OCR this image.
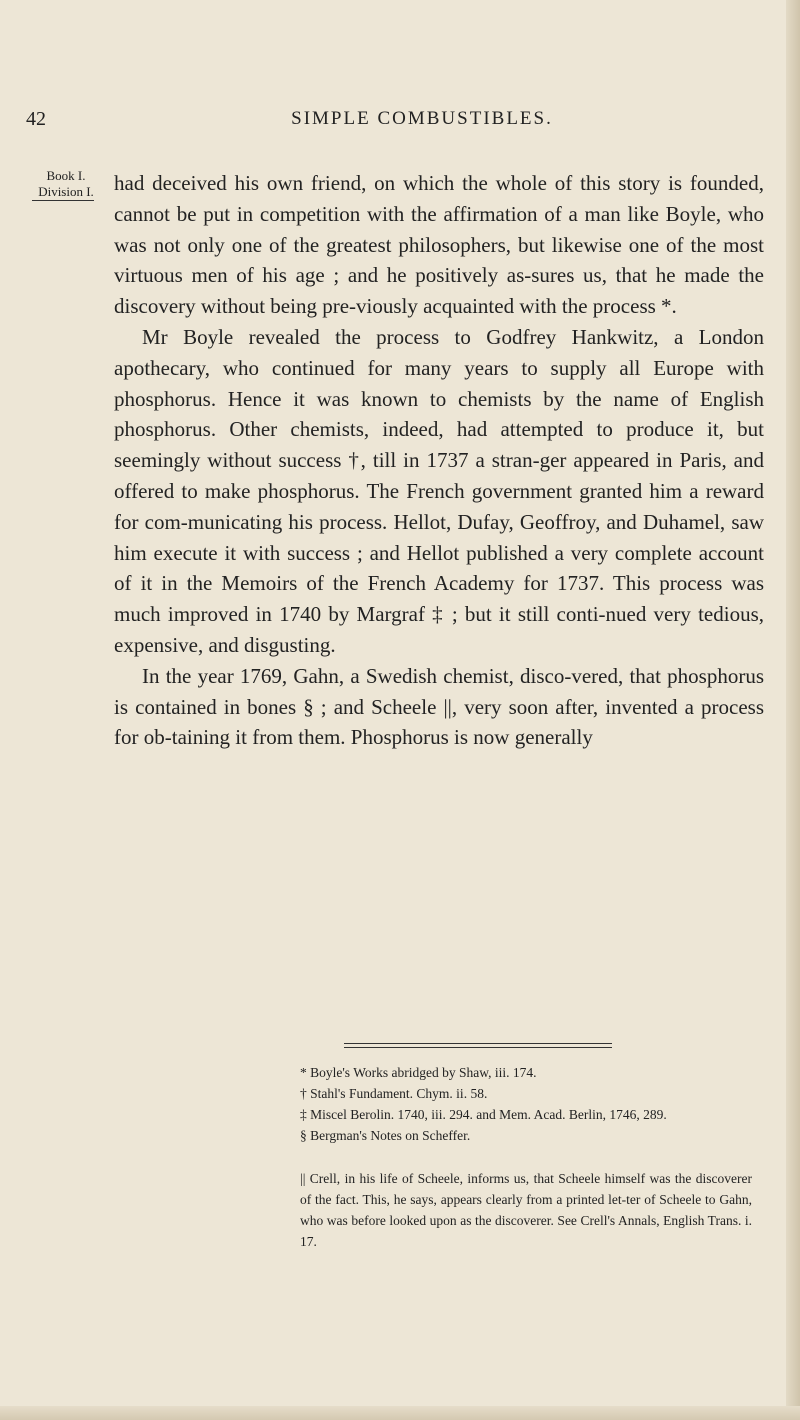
42	SIMPLE COMBUSTIBLES.
Book I.
Division I. had deceived his own friend, on which the whole of this story is founded, cannot be put in competition with the affirmation of a man like Boyle, who was not only one of the greatest philosophers, but likewise one of the most virtuous men of his age ; and he positively as-sures us, that he made the discovery without being pre-viously acquainted with the process *.

Mr Boyle revealed the process to Godfrey Hankwitz, a London apothecary, who continued for many years to supply all Europe with phosphorus. Hence it was known to chemists by the name of English phosphorus. Other chemists, indeed, had attempted to produce it, but seemingly without success †, till in 1737 a stran-ger appeared in Paris, and offered to make phosphorus. The French government granted him a reward for com-municating his process. Hellot, Dufay, Geoffroy, and Duhamel, saw him execute it with success ; and Hellot published a very complete account of it in the Memoirs of the French Academy for 1737. This process was much improved in 1740 by Margraf ‡ ; but it still conti-nued very tedious, expensive, and disgusting.

In the year 1769, Gahn, a Swedish chemist, disco-vered, that phosphorus is contained in bones § ; and Scheele ||, very soon after, invented a process for ob-taining it from them. Phosphorus is now generally

* Boyle's Works abridged by Shaw, iii. 174.

† Stahl's Fundament. Chym. ii. 58.

‡ Miscel Berolin. 1740, iii. 294. and Mem. Acad. Berlin, 1746, 289.

§ Bergman's Notes on Scheffer.

|| Crell, in his life of Scheele, informs us, that Scheele himself was the discoverer of the fact. This, he says, appears clearly from a printed let-ter of Scheele to Gahn, who was before looked upon as the discoverer. See Crell's Annals, English Trans. i. 17.
